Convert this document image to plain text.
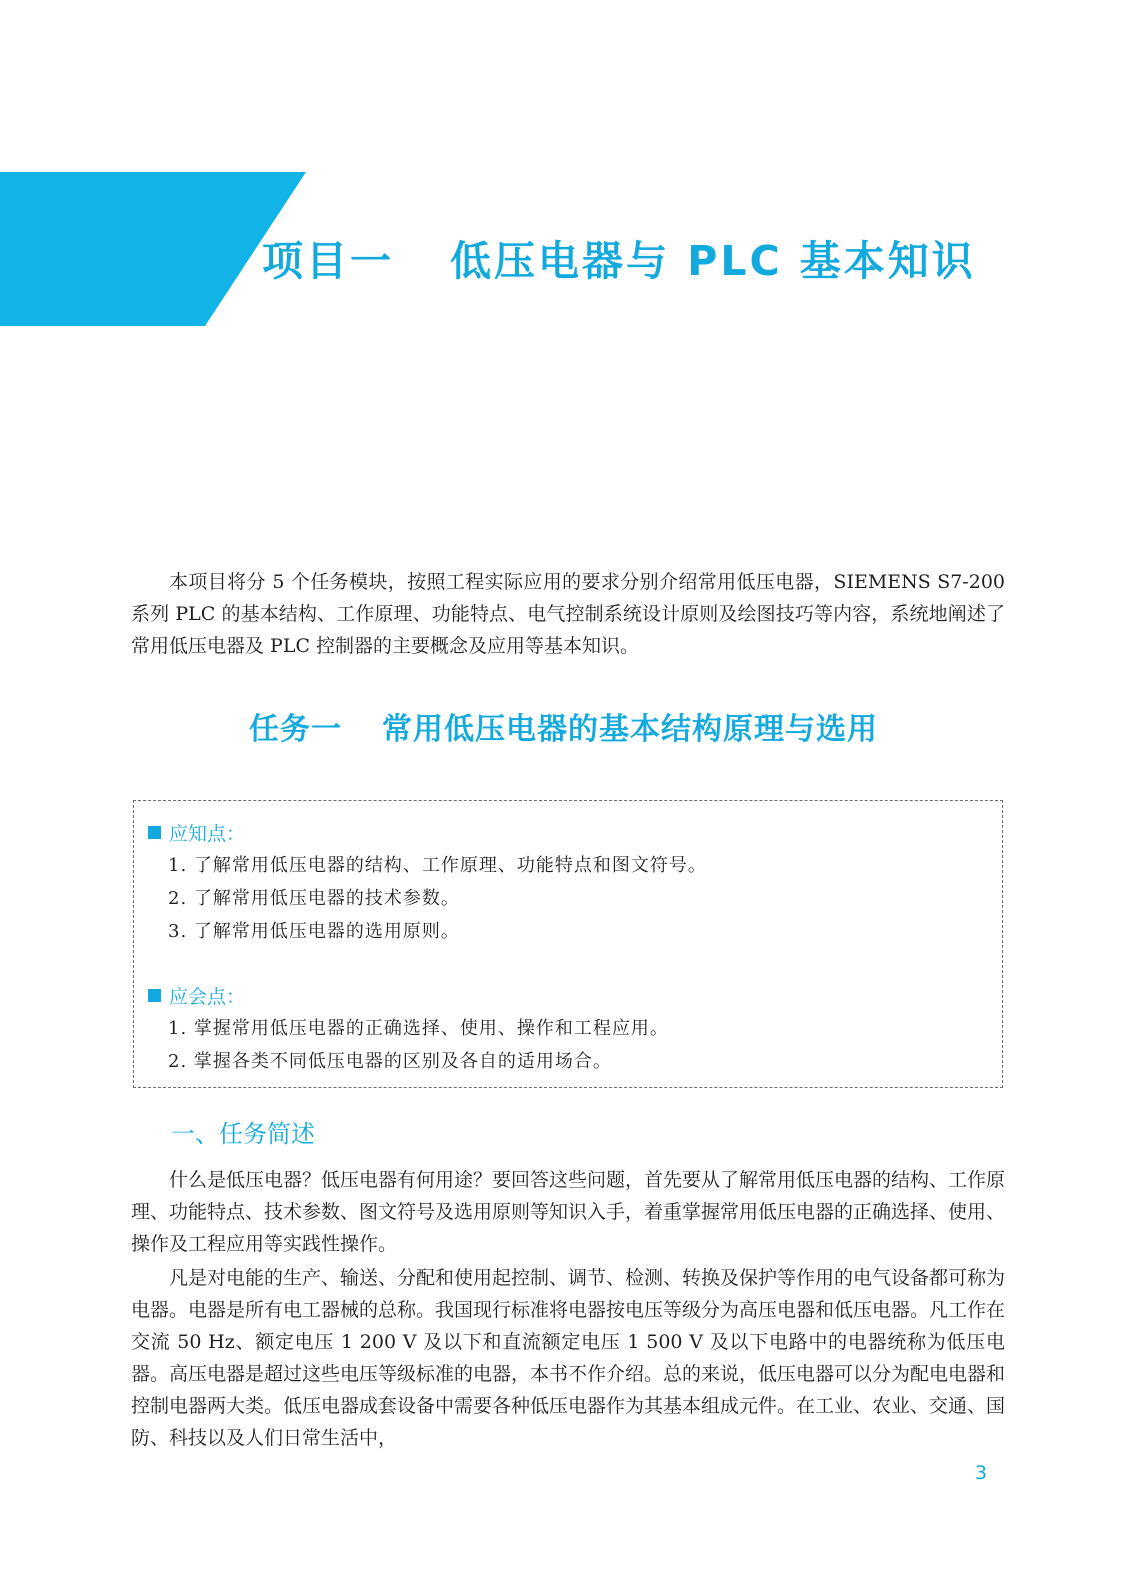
项目一 低压电器与 PLC 基本知识

本项目将分 5 个任务模块，按照工程实际应用的要求分别介绍常用低压电器，SIEMENS S7-200 系列 PLC 的基本结构、工作原理、功能特点、电气控制系统设计原则及绘图技巧等内容，系统地阐述了常用低压电器及 PLC 控制器的主要概念及应用等基本知识。

任务一 常用低压电器的基本结构原理与选用

应知点：

1. 了解常用低压电器的结构、工作原理、功能特点和图文符号。
2. 了解常用低压电器的技术参数。
3. 了解常用低压电器的选用原则。

应会点：

1. 掌握常用低压电器的正确选择、使用、操作和工程应用。
2. 掌握各类不同低压电器的区别及各自的适用场合。
一、任务简述

什么是低压电器？低压电器有何用途？要回答这些问题，首先要从了解常用低压电器的结构、工作原理、功能特点、技术参数、图文符号及选用原则等知识入手，着重掌握常用低压电器的正确选择、使用、操作及工程应用等实践性操作。

凡是对电能的生产、输送、分配和使用起控制、调节、检测、转换及保护等作用的电气设备都可称为电器。电器是所有电工器械的总称。我国现行标准将电器按电压等级分为高压电器和低压电器。凡工作在交流 50 Hz、额定电压 1 200 V 及以下和直流额定电压 1 500 V 及以下电路中的电器统称为低压电器。高压电器是超过这些电压等级标准的电器，本书不作介绍。总的来说，低压电器可以分为配电电器和控制电器两大类。低压电器成套设备中需要各种低压电器作为其基本组成元件。在工业、农业、交通、国防、科技以及人们日常生活中，

3
